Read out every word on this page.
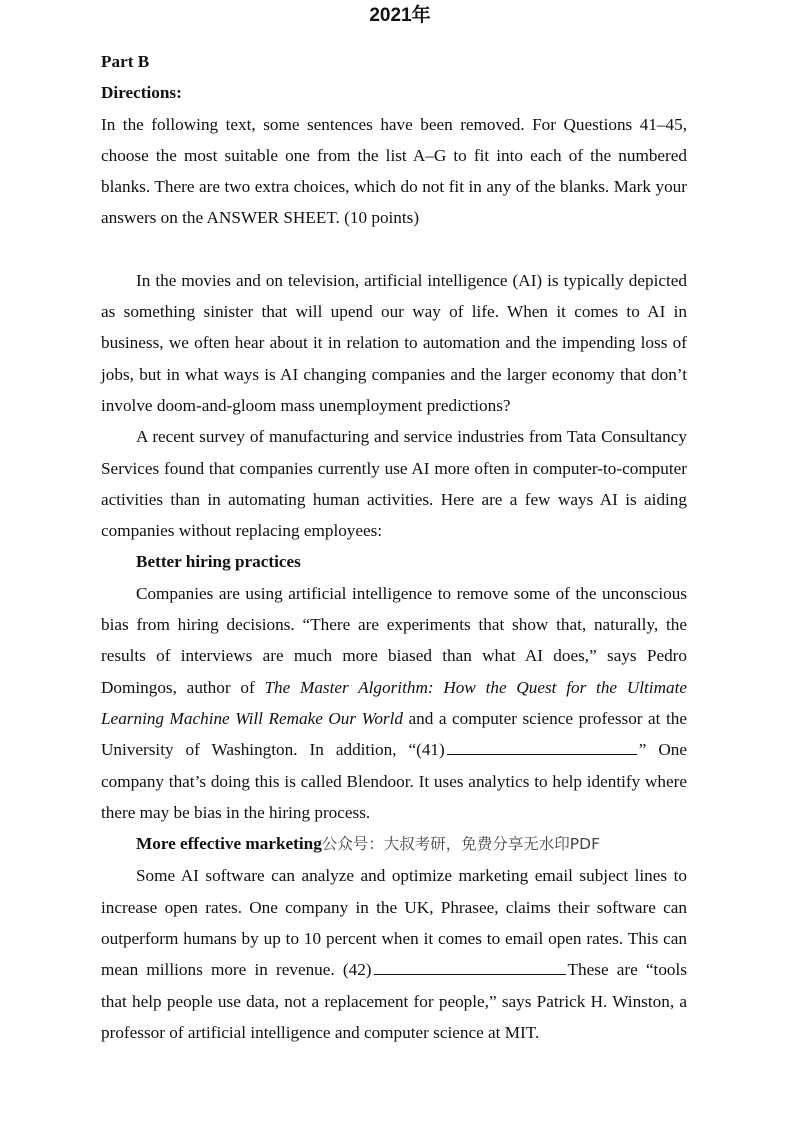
2021年

Part B

Directions:

In the following text, some sentences have been removed. For Questions 41–45, choose the most suitable one from the list A–G to fit into each of the numbered blanks. There are two extra choices, which do not fit in any of the blanks. Mark your answers on the ANSWER SHEET. (10 points)

In the movies and on television, artificial intelligence (AI) is typically depicted as something sinister that will upend our way of life. When it comes to AI in business, we often hear about it in relation to automation and the impending loss of jobs, but in what ways is AI changing companies and the larger economy that don’t involve doom-and-gloom mass unemployment predictions?

A recent survey of manufacturing and service industries from Tata Consultancy Services found that companies currently use AI more often in computer-to-computer activities than in automating human activities. Here are a few ways AI is aiding companies without replacing employees:

Better hiring practices

Companies are using artificial intelligence to remove some of the unconscious bias from hiring decisions. “There are experiments that show that, naturally, the results of interviews are much more biased than what AI does,” says Pedro Domingos, author of The Master Algorithm: How the Quest for the Ultimate Learning Machine Will Remake Our World and a computer science professor at the University of Washington. In addition, “(41)	” One company that’s doing this is called Blendoor. It uses analytics to help identify where there may be bias in the hiring process.

More effective marketing公众号：大叔考研，免费分享无水印PDF

Some AI software can analyze and optimize marketing email subject lines to increase open rates. One company in the UK, Phrasee, claims their software can outperform humans by up to 10 percent when it comes to email open rates. This can mean millions more in revenue. (42)	These are “tools that help people use data, not a replacement for people,” says Patrick H. Winston, a professor of artificial intelligence and computer science at MIT.
